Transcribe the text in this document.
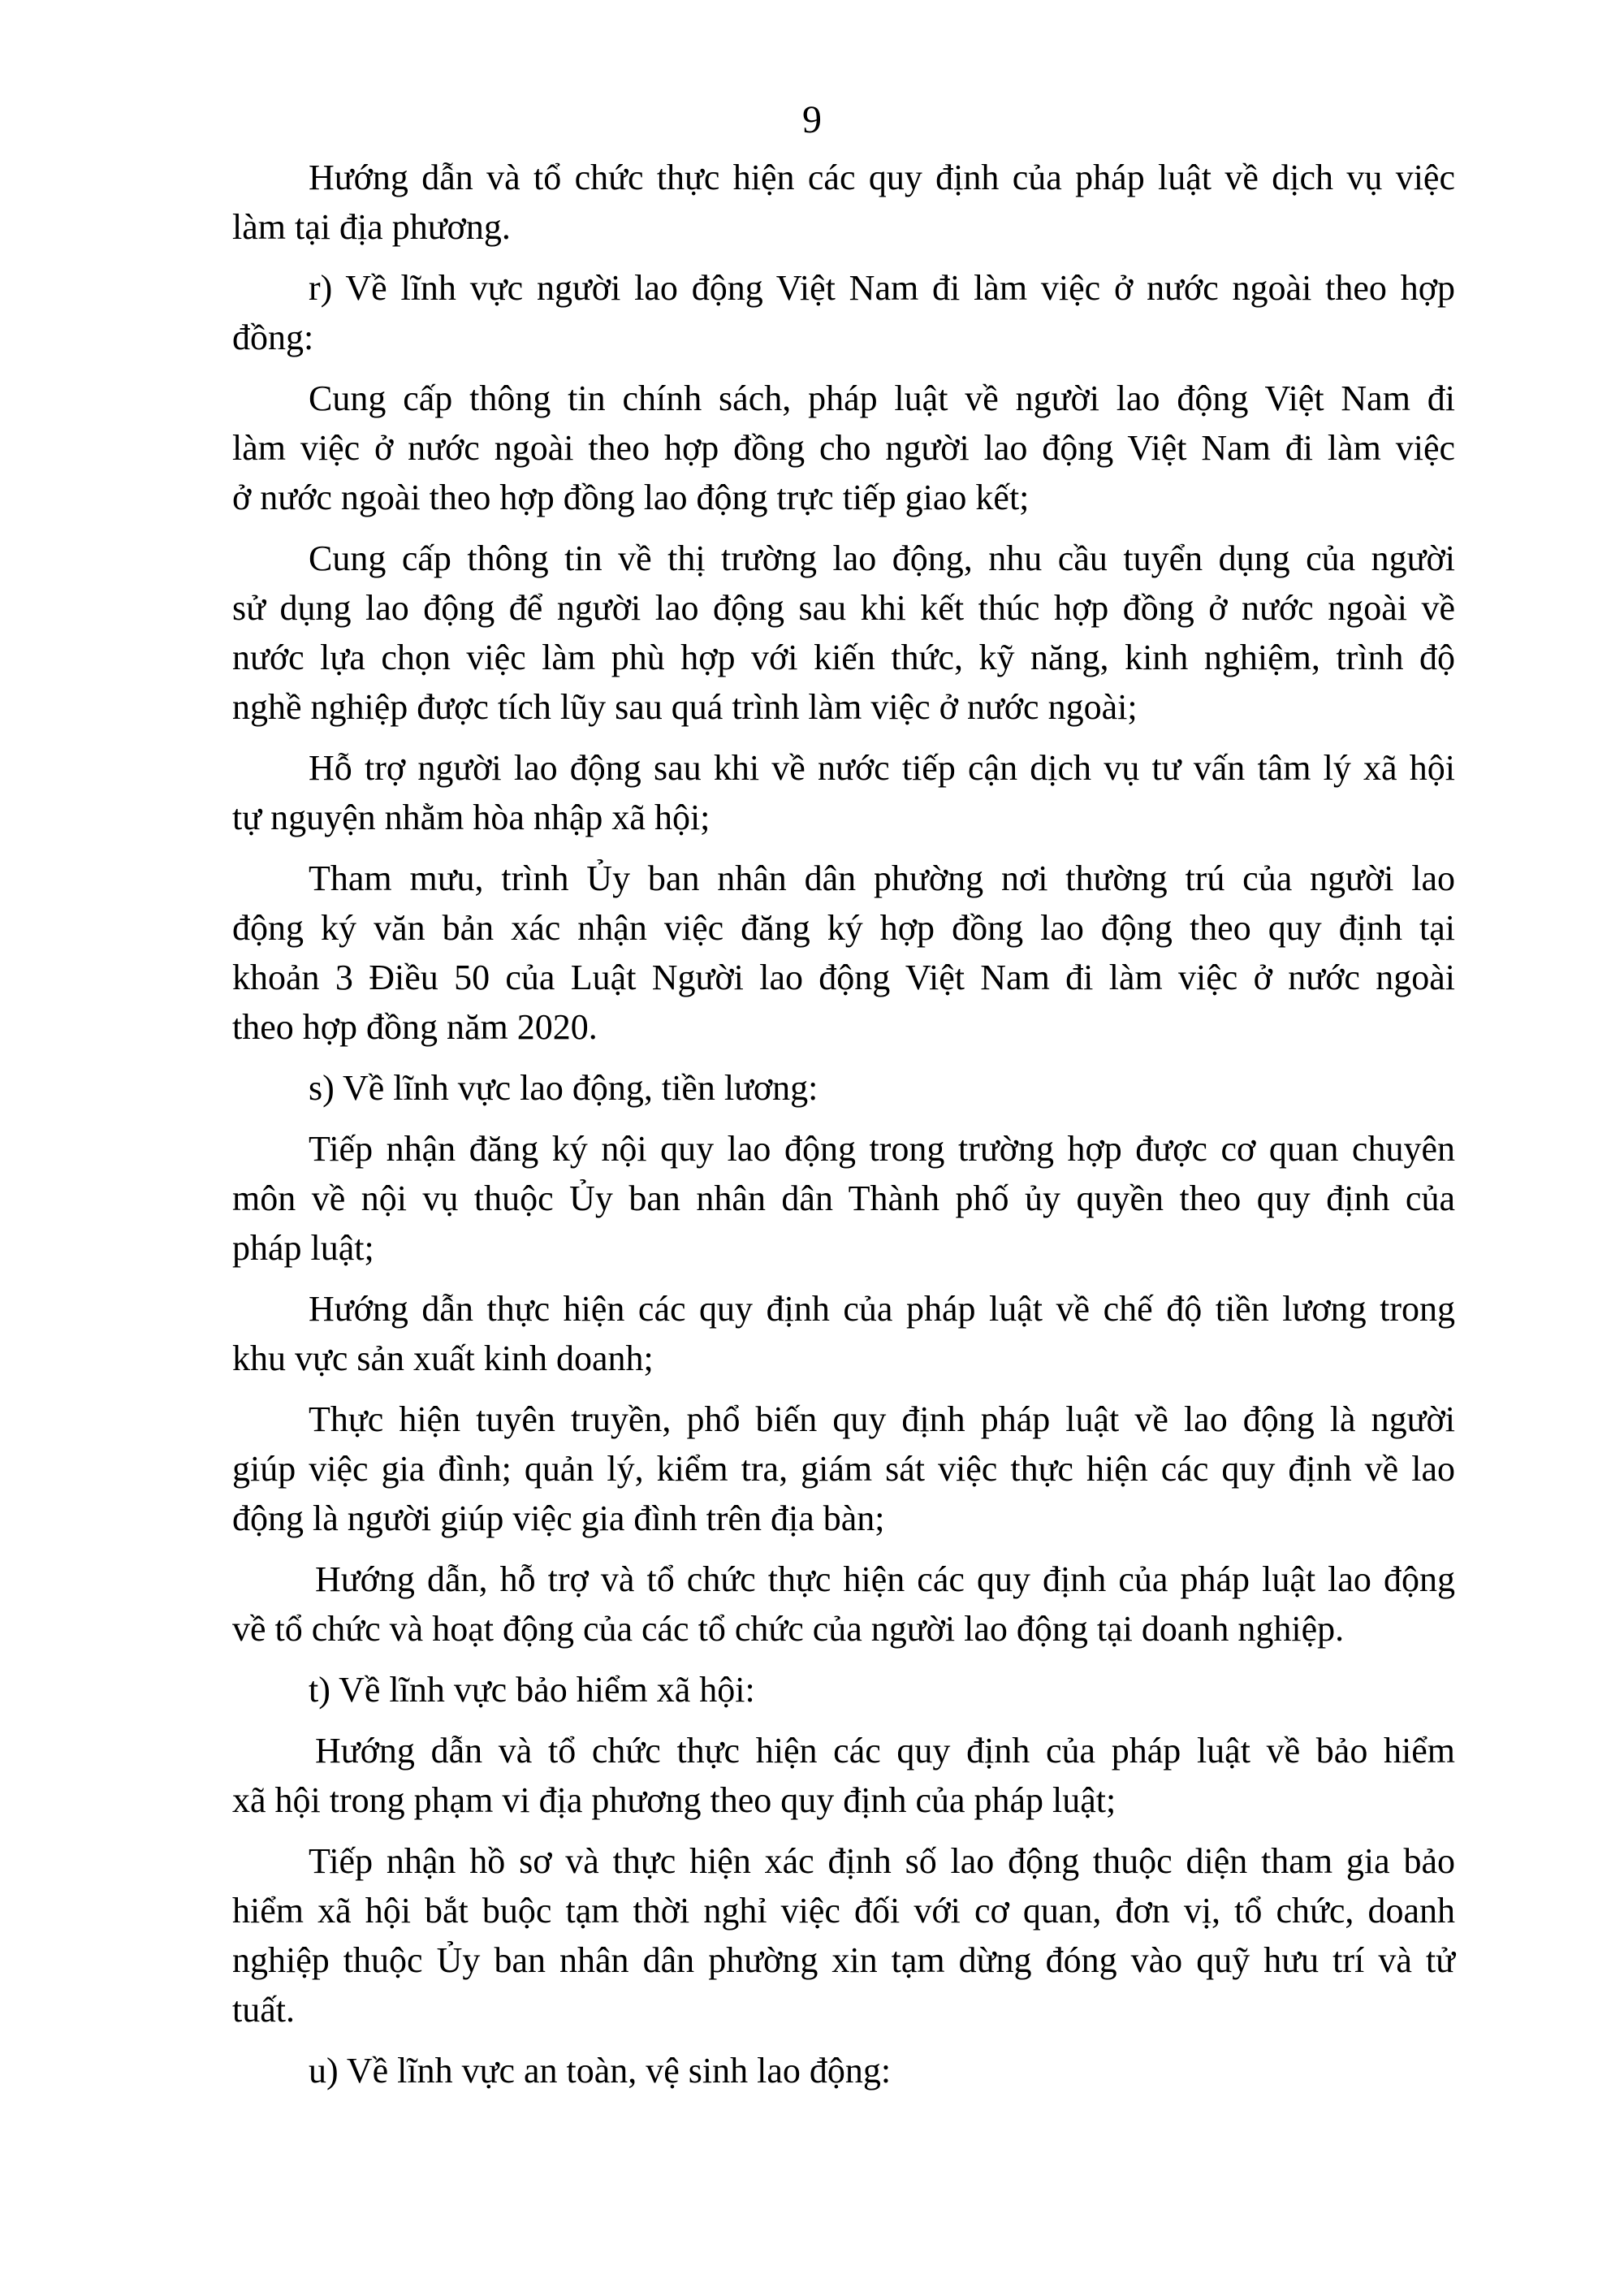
9
Hướng dẫn và tổ chức thực hiện các quy định của pháp luật về dịch vụ việc
làm tại địa phương.
r) Về lĩnh vực người lao động Việt Nam đi làm việc ở nước ngoài theo hợp
đồng:
Cung cấp thông tin chính sách, pháp luật về người lao động Việt Nam đi
làm việc ở nước ngoài theo hợp đồng cho người lao động Việt Nam đi làm việc
ở nước ngoài theo hợp đồng lao động trực tiếp giao kết;
Cung cấp thông tin về thị trường lao động, nhu cầu tuyển dụng của người
sử dụng lao động để người lao động sau khi kết thúc hợp đồng ở nước ngoài về
nước lựa chọn việc làm phù hợp với kiến thức, kỹ năng, kinh nghiệm, trình độ
nghề nghiệp được tích lũy sau quá trình làm việc ở nước ngoài;
Hỗ trợ người lao động sau khi về nước tiếp cận dịch vụ tư vấn tâm lý xã hội
tự nguyện nhằm hòa nhập xã hội;
Tham mưu, trình Ủy ban nhân dân phường nơi thường trú của người lao
động ký văn bản xác nhận việc đăng ký hợp đồng lao động theo quy định tại
khoản 3 Điều 50 của Luật Người lao động Việt Nam đi làm việc ở nước ngoài
theo hợp đồng năm 2020.
s) Về lĩnh vực lao động, tiền lương:
Tiếp nhận đăng ký nội quy lao động trong trường hợp được cơ quan chuyên
môn về nội vụ thuộc Ủy ban nhân dân Thành phố ủy quyền theo quy định của
pháp luật;
Hướng dẫn thực hiện các quy định của pháp luật về chế độ tiền lương trong
khu vực sản xuất kinh doanh;
Thực hiện tuyên truyền, phổ biến quy định pháp luật về lao động là người
giúp việc gia đình; quản lý, kiểm tra, giám sát việc thực hiện các quy định về lao
động là người giúp việc gia đình trên địa bàn;
Hướng dẫn, hỗ trợ và tổ chức thực hiện các quy định của pháp luật lao động
về tổ chức và hoạt động của các tổ chức của người lao động tại doanh nghiệp.
t) Về lĩnh vực bảo hiểm xã hội:
Hướng dẫn và tổ chức thực hiện các quy định của pháp luật về bảo hiểm
xã hội trong phạm vi địa phương theo quy định của pháp luật;
Tiếp nhận hồ sơ và thực hiện xác định số lao động thuộc diện tham gia bảo
hiểm xã hội bắt buộc tạm thời nghỉ việc đối với cơ quan, đơn vị, tổ chức, doanh
nghiệp thuộc Ủy ban nhân dân phường xin tạm dừng đóng vào quỹ hưu trí và tử
tuất.
u) Về lĩnh vực an toàn, vệ sinh lao động:
